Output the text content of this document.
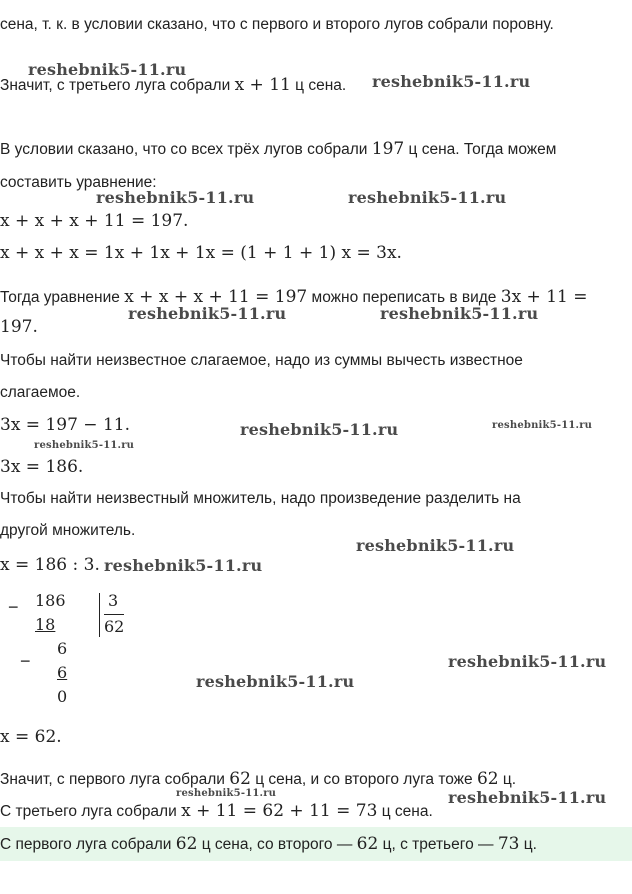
сена, т. к. в условии сказано, что с первого и второго лугов собрали поровну.
Значит, с третьего луга собрали x + 11 ц сена.
В условии сказано, что со всех трёх лугов собрали 197 ц сена. Тогда можем
составить уравнение:
x + x + x + 11 = 197.
x + x + x = 1x + 1x + 1x = (1 + 1 + 1) x = 3x.
Тогда уравнение x + x + x + 11 = 197 можно переписать в виде 3x + 11 =
197.
Чтобы найти неизвестное слагаемое, надо из суммы вычесть известное
слагаемое.
3x = 197 − 11.
3x = 186.
Чтобы найти неизвестный множитель, надо произведение разделить на
другой множитель.
x = 186 : 3.
− 186
18
3
62
−
6
6
0
x = 62.
Значит, с первого луга собрали 62 ц сена, и со второго луга тоже 62 ц.
С третьего луга собрали x + 11 = 62 + 11 = 73 ц сена.
С первого луга собрали 62 ц сена, со второго — 62 ц, с третьего — 73 ц.
reshebnik5-11.ru
reshebnik5-11.ru
reshebnik5-11.ru	reshebnik5-11.ru
reshebnik5-11.ru	reshebnik5-11.ru
reshebnik5-11.ru	reshebnik5-11.ru
reshebnik5-11.ru
reshebnik5-11.ru
reshebnik5-11.ru
reshebnik5-11.ru
reshebnik5-11.ru
reshebnik5-11.ru	reshebnik5-11.ru
